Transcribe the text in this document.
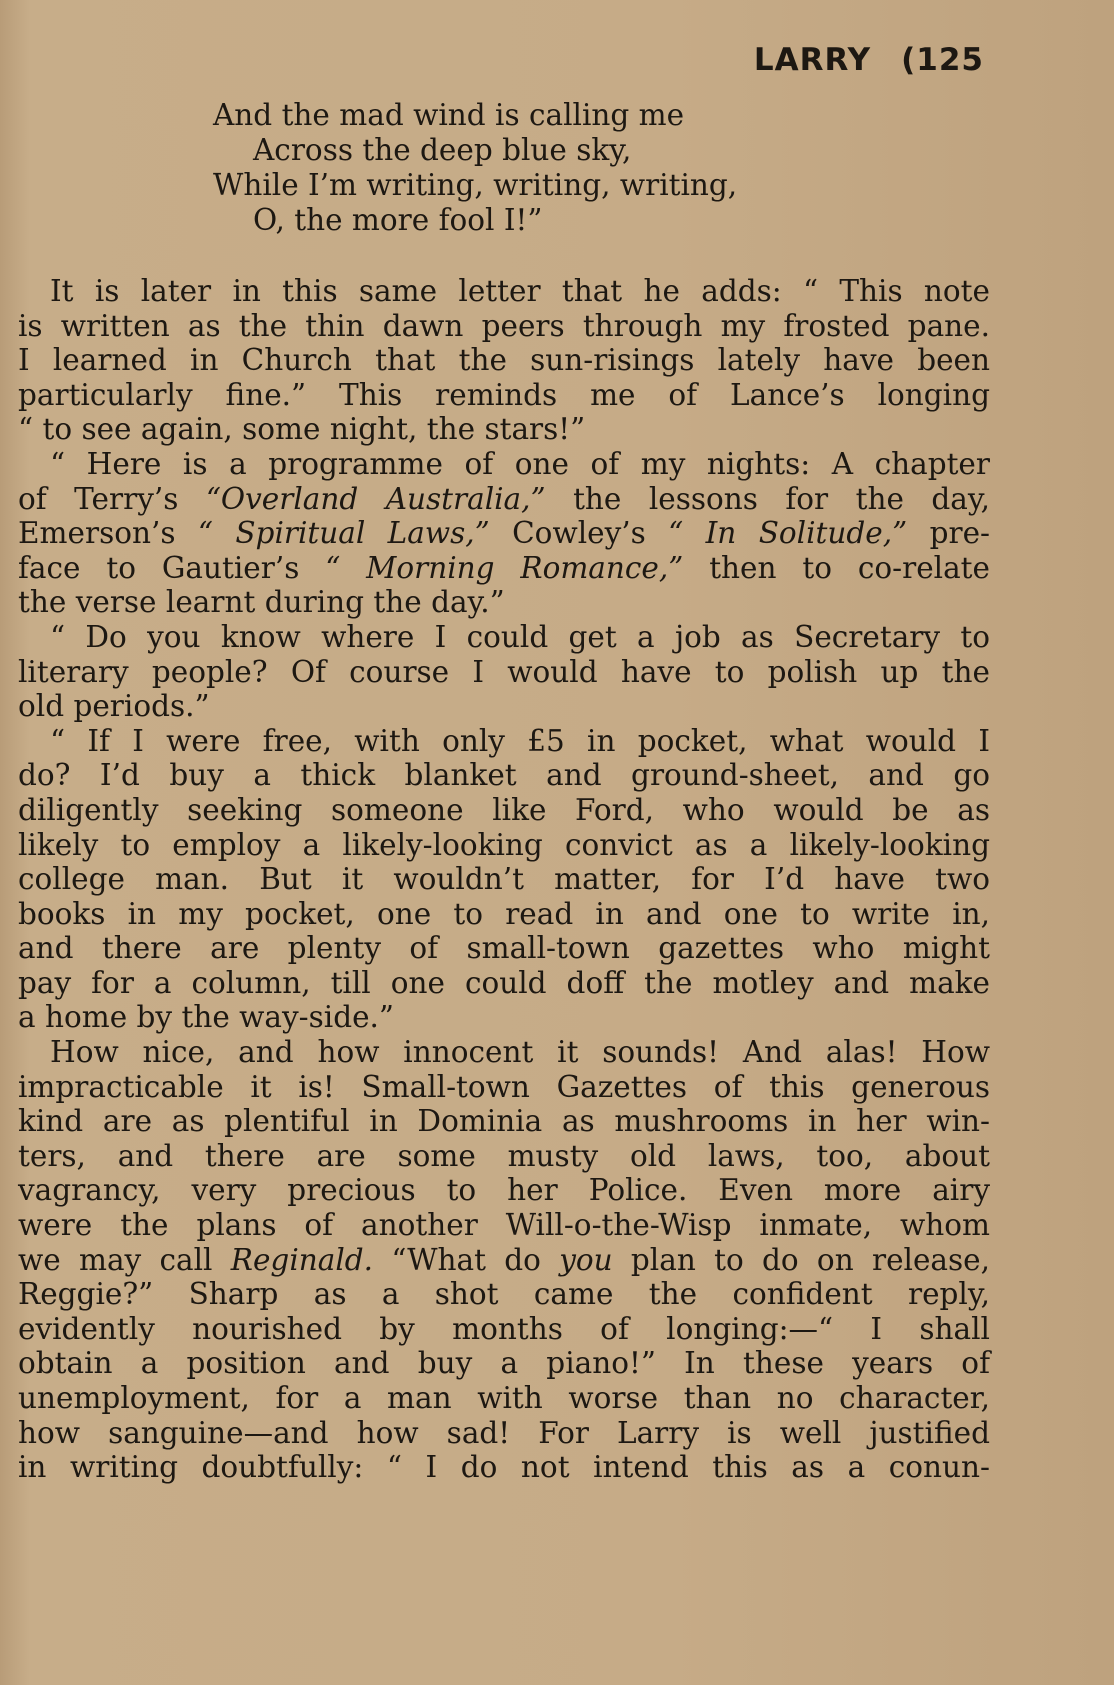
LARRY (125
And the mad wind is calling me
Across the deep blue sky,
While I’m writing, writing, writing,
O, the more fool I!”
It is later in this same letter that he adds: “ This note
is written as the thin dawn peers through my frosted pane.
I learned in Church that the sun-risings lately have been
particularly fine.” This reminds me of Lance’s longing
“ to see again, some night, the stars!”
“ Here is a programme of one of my nights: A chapter
of Terry’s “Overland Australia,” the lessons for the day,
Emerson’s “ Spiritual Laws,” Cowley’s “ In Solitude,” pre-
face to Gautier’s “ Morning Romance,” then to co-relate
the verse learnt during the day.”
“ Do you know where I could get a job as Secretary to
literary people? Of course I would have to polish up the
old periods.”
“ If I were free, with only £5 in pocket, what would I
do? I’d buy a thick blanket and ground-sheet, and go
diligently seeking someone like Ford, who would be as
likely to employ a likely-looking convict as a likely-looking
college man. But it wouldn’t matter, for I’d have two
books in my pocket, one to read in and one to write in,
and there are plenty of small-town gazettes who might
pay for a column, till one could doff the motley and make
a home by the way-side.”
How nice, and how innocent it sounds! And alas! How
impracticable it is! Small-town Gazettes of this generous
kind are as plentiful in Dominia as mushrooms in her win-
ters, and there are some musty old laws, too, about
vagrancy, very precious to her Police. Even more airy
were the plans of another Will-o-the-Wisp inmate, whom
we may call Reginald. “What do you plan to do on release,
Reggie?” Sharp as a shot came the confident reply,
evidently nourished by months of longing:—“ I shall
obtain a position and buy a piano!” In these years of
unemployment, for a man with worse than no character,
how sanguine—and how sad! For Larry is well justified
in writing doubtfully: “ I do not intend this as a conun-
